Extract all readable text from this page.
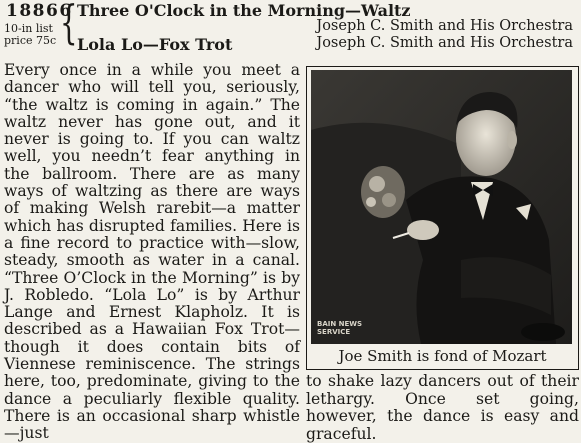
18866
10-in list
price 75c { Three O'Clock in the Morning—Waltz
Joseph C. Smith and His Orchestra
Lola Lo—Fox Trot	Joseph C. Smith and His Orchestra

Every once in a while you meet a dancer who will tell you, seriously, “the waltz is coming in again.” The waltz never has gone out, and it never is going to. If you can waltz well, you needn’t fear anything in the ballroom. There are as many ways of waltzing as there are ways of making Welsh rarebit—a matter which has disrupted families. Here is a fine record to practice with—slow, steady, smooth as water in a canal. “Three O’Clock in the Morning” is by J. Robledo. “Lola Lo” is by Arthur Lange and Ernest Klapholz. It is described as a Hawaiian Fox Trot—though it does contain bits of Viennese reminiscence. The strings here, too, predominate, giving to the dance a peculiarly flexible quality. There is an occasional sharp whistle—just

BAIN NEWS
SERVICE
Joe Smith is fond of Mozart

to shake lazy dancers out of their lethargy. Once set going, however, the dance is easy and graceful.
